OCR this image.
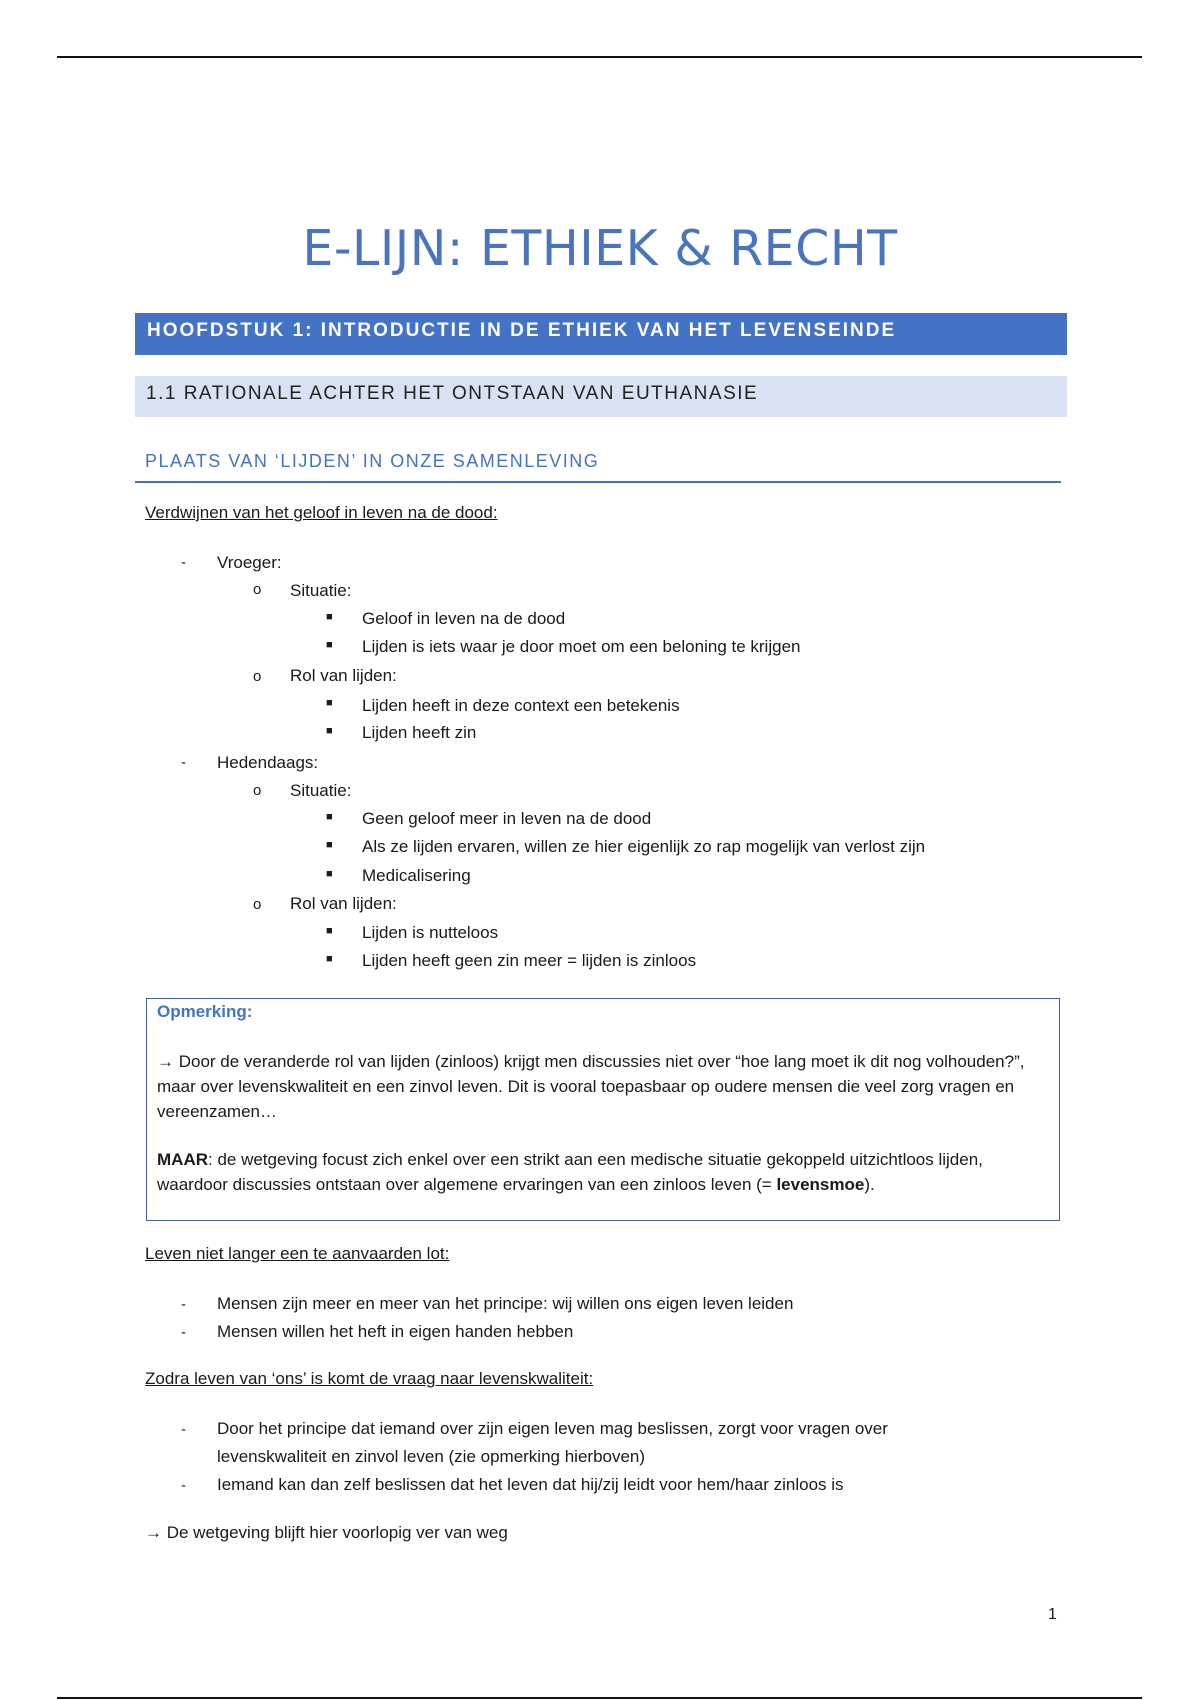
E-LIJN: ETHIEK & RECHT
HOOFDSTUK 1: INTRODUCTIE IN DE ETHIEK VAN HET LEVENSEINDE
1.1 RATIONALE ACHTER HET ONTSTAAN VAN EUTHANASIE
PLAATS VAN ‘LIJDEN’ IN ONZE SAMENLEVING
Verdwijnen van het geloof in leven na de dood:
- Vroeger:
o Situatie:
■ Geloof in leven na de dood
■ Lijden is iets waar je door moet om een beloning te krijgen
o Rol van lijden:
■ Lijden heeft in deze context een betekenis
■ Lijden heeft zin
- Hedendaags:
o Situatie:
■ Geen geloof meer in leven na de dood
■ Als ze lijden ervaren, willen ze hier eigenlijk zo rap mogelijk van verlost zijn
■ Medicalisering
o Rol van lijden:
■ Lijden is nutteloos
■ Lijden heeft geen zin meer = lijden is zinloos
Opmerking:

→ Door de veranderde rol van lijden (zinloos) krijgt men discussies niet over “hoe lang moet ik dit nog volhouden?”, maar over levenskwaliteit en een zinvol leven. Dit is vooral toepasbaar op oudere mensen die veel zorg vragen en vereenzamen…

MAAR: de wetgeving focust zich enkel over een strikt aan een medische situatie gekoppeld uitzichtloos lijden, waardoor discussies ontstaan over algemene ervaringen van een zinloos leven (= levensmoe).

Leven niet langer een te aanvaarden lot:
- Mensen zijn meer en meer van het principe: wij willen ons eigen leven leiden
- Mensen willen het heft in eigen handen hebben
Zodra leven van ‘ons’ is komt de vraag naar levenskwaliteit:
- Door het principe dat iemand over zijn eigen leven mag beslissen, zorgt voor vragen over
levenskwaliteit en zinvol leven (zie opmerking hierboven)
- Iemand kan dan zelf beslissen dat het leven dat hij/zij leidt voor hem/haar zinloos is
→ De wetgeving blijft hier voorlopig ver van weg
1
